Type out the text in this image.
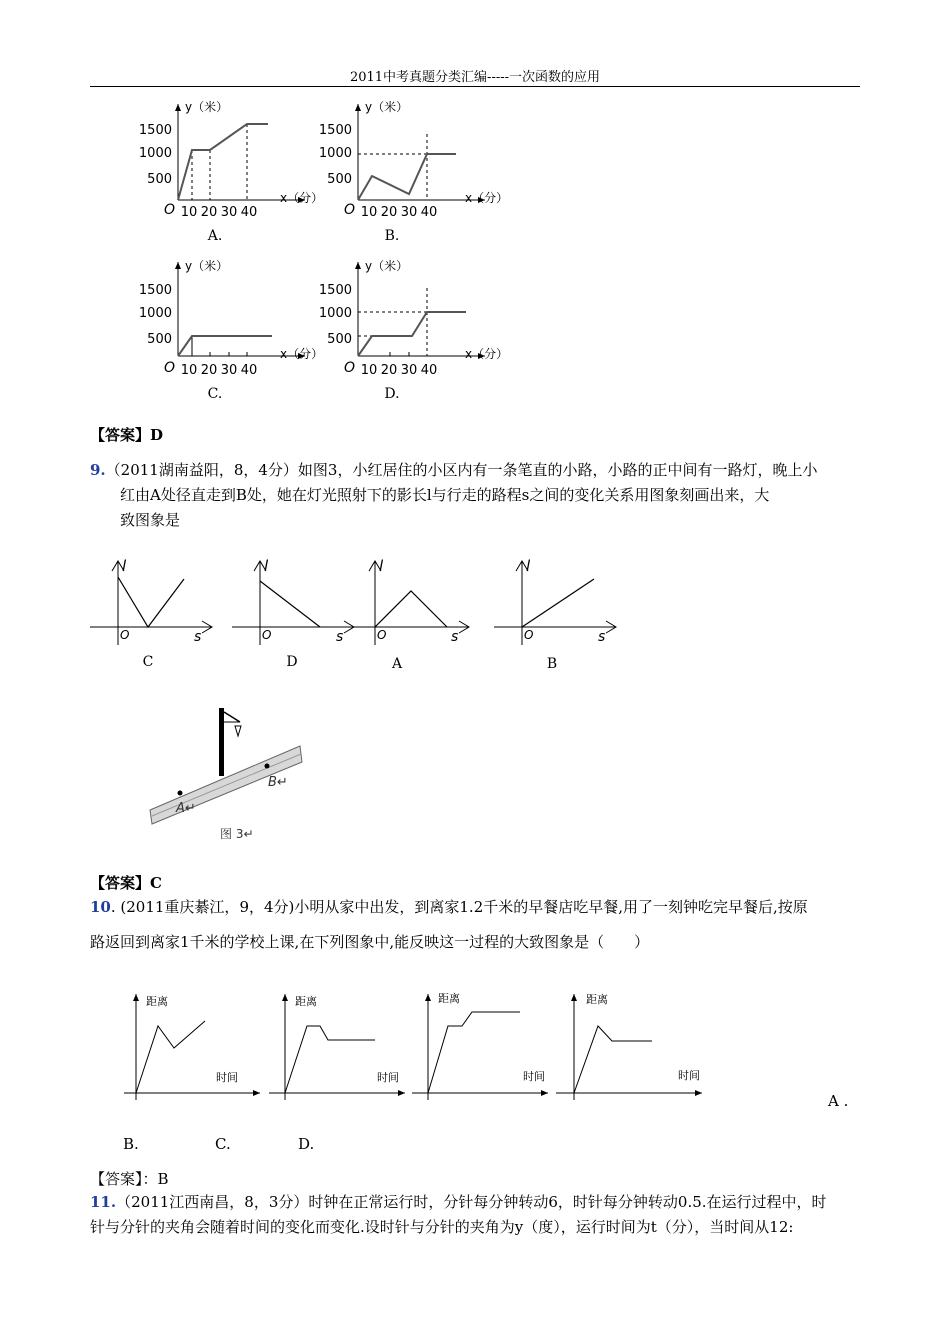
2011中考真题分类汇编-----一次函数的应用
y（米）
x（分）
1500
1000
500
O 10 20 30 40
A.
y（米）
x（分）
1500
1000
500
O 10 20 30 40
B.
y（米）
x（分）
1500
1000
500
O 10 20 30 40
C.
y（米）
x（分）
1500
1000
500
O 10 20 30 40
D.
【答案】D
9.（2011湖南益阳，8，4分）如图3，小红居住的小区内有一条笔直的小路，小路的正中间有一路灯，晚上小
红由A处径直走到B处，她在灯光照射下的影长l与行走的路程s之间的变化关系用图象刻画出来，大
致图象是
l
s
O
C
l
s
O
D
l
s
O
A
l
s
O
B
A↵
B↵
图 3↵
【答案】C
10. (2011重庆綦江，9，4分)小明从家中出发，到离家1.2千米的早餐店吃早餐,用了一刻钟吃完早餐后,按原
路返回到离家1千米的学校上课,在下列图象中,能反映这一过程的大致图象是（　　）
距离
时间
距离
时间
距离
时间
距离
时间
A .
B.	C.	D.
【答案】：B
11.（2011江西南昌，8，3分）时钟在正常运行时，分针每分钟转动6，时针每分钟转动0.5.在运行过程中，时
针与分针的夹角会随着时间的变化而变化.设时针与分针的夹角为y（度），运行时间为t（分），当时间从12:
